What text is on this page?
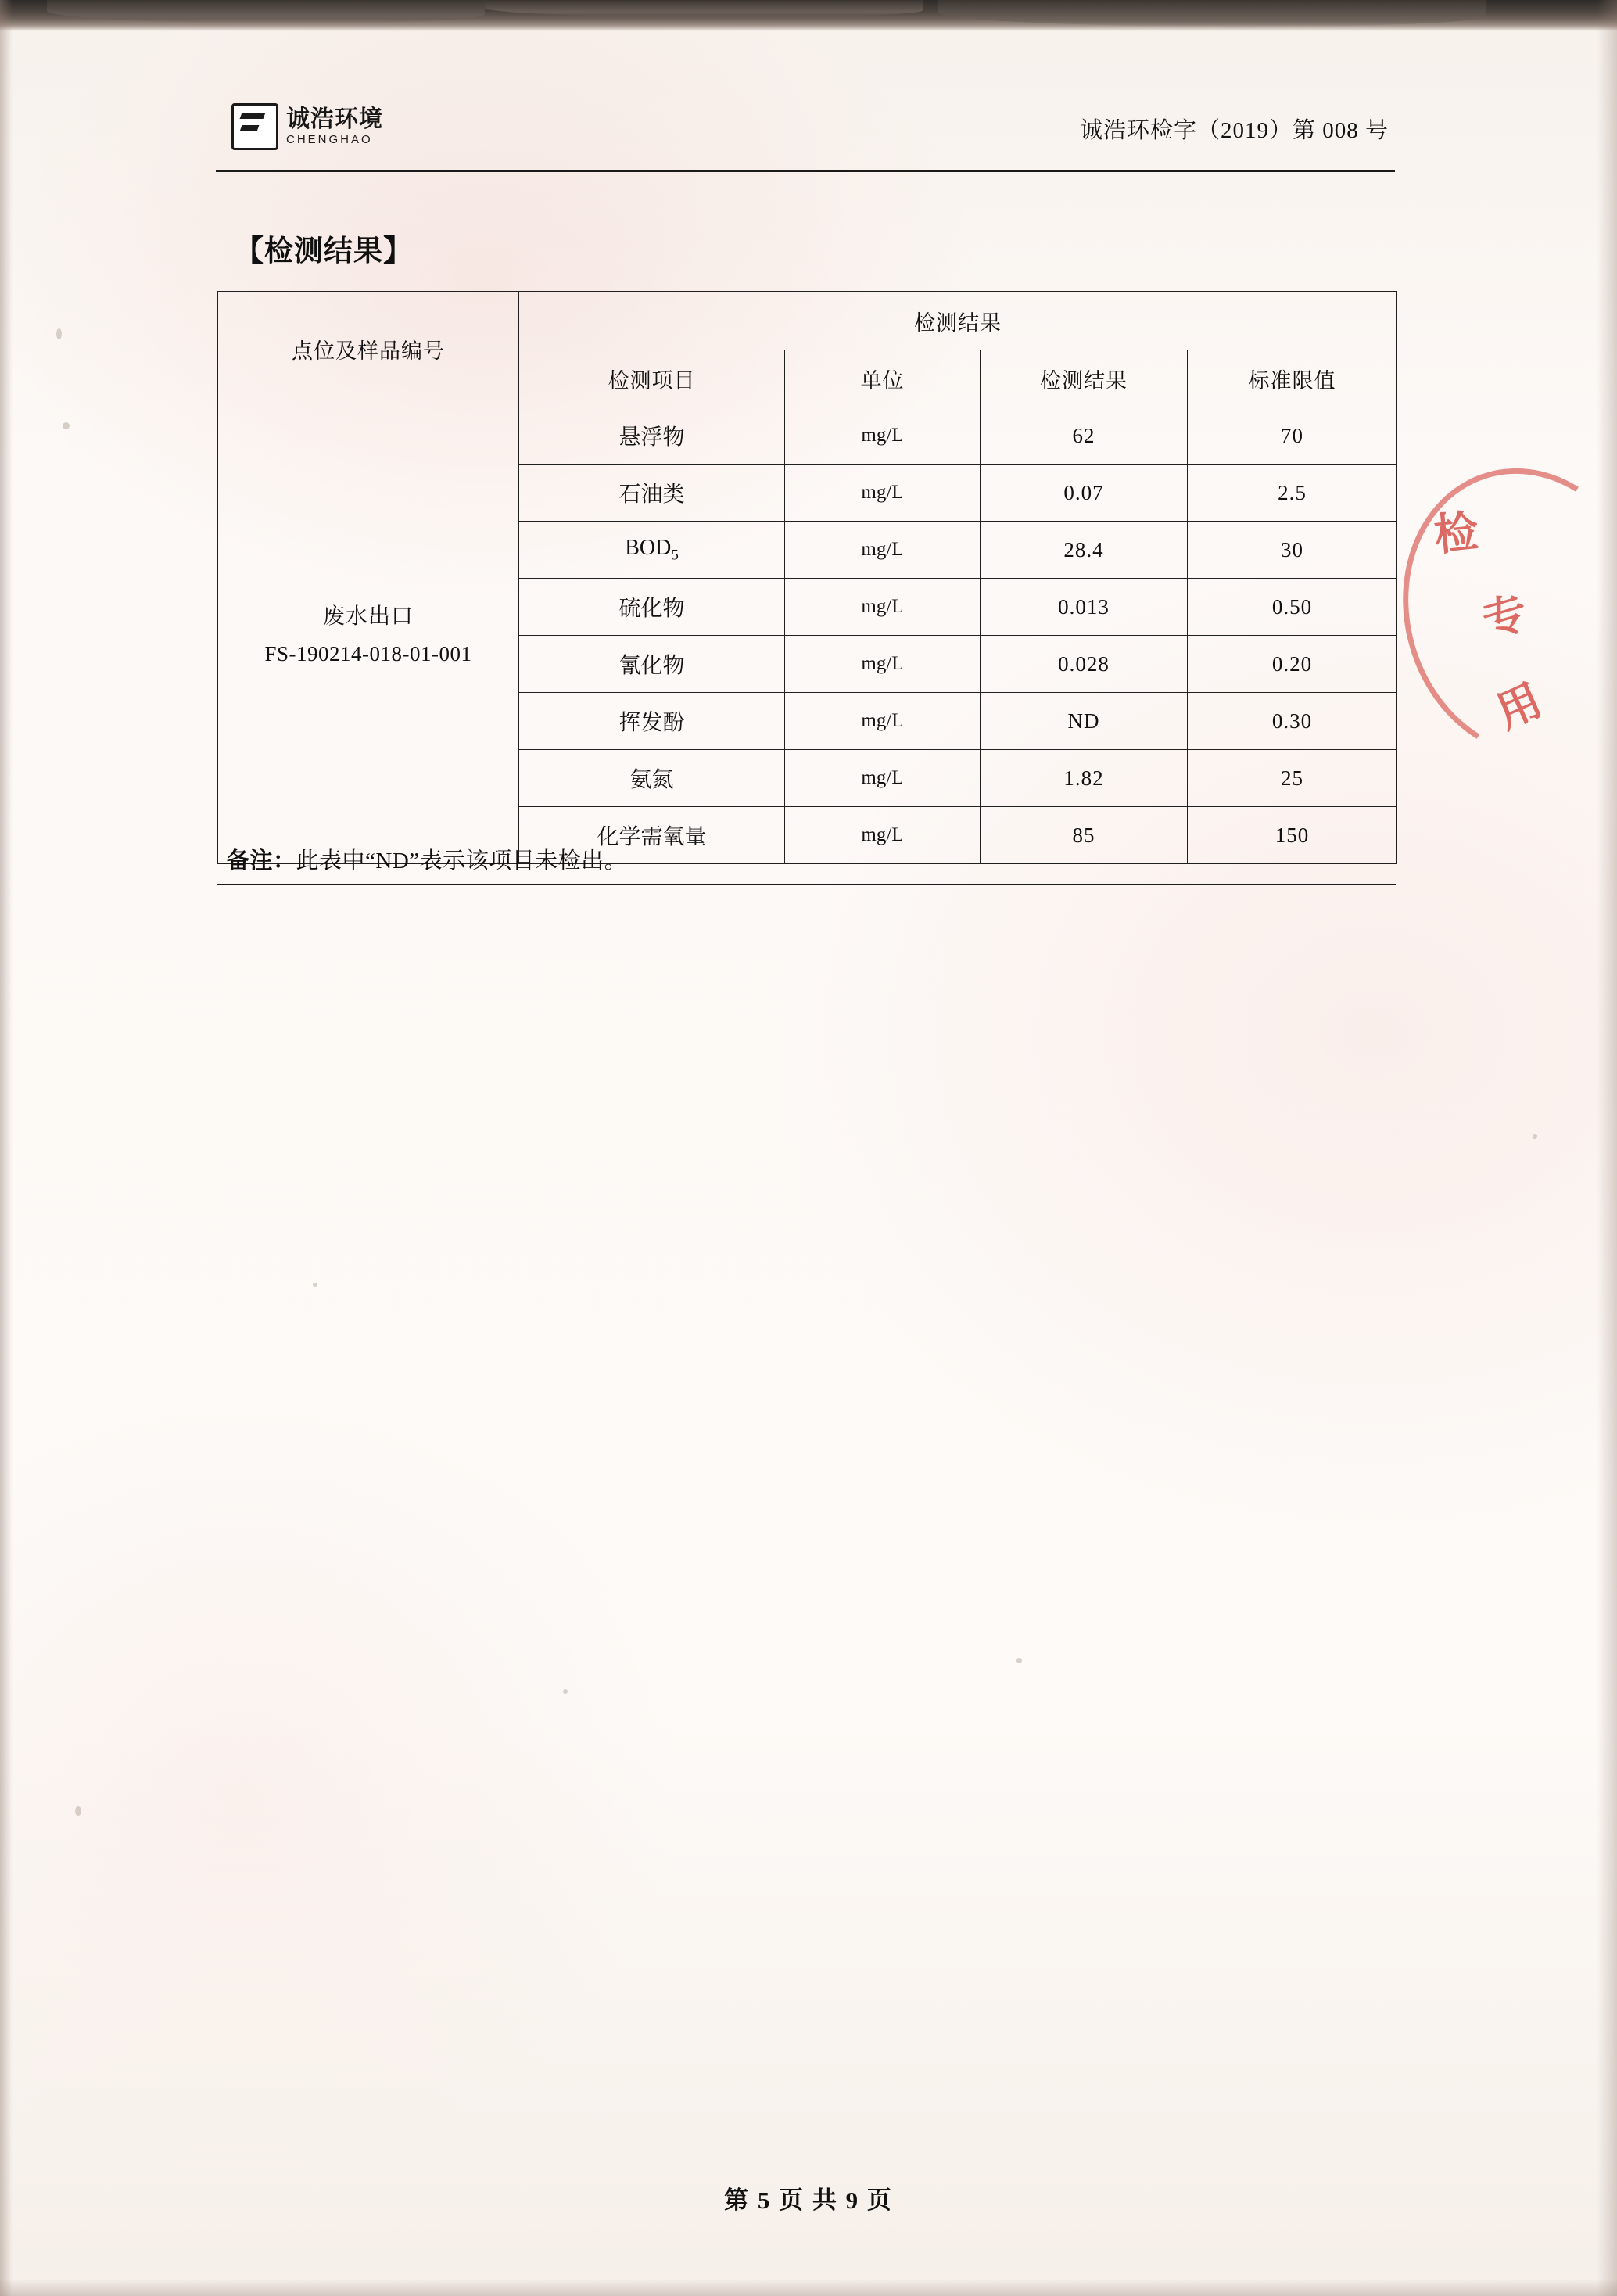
诚浩环境
CHENGHAO	诚浩环检字（2019）第 008 号
【检测结果】
点位及样品编号	检测结果			
	检测项目	单位	检测结果	标准限值

废水出口
FS-190214-018-01-001	悬浮物	mg/L	62	70
	石油类	mg/L	0.07	2.5
	$BOD_5$	mg/L	28.4	30
	硫化物	mg/L	0.013	0.50
	氰化物	mg/L	0.028	0.20
	挥发酚	mg/L	ND	0.30
	氨氮	mg/L	1.82	25
	化学需氧量	mg/L	85	150
备注：此表中“ND”表示该项目未检出。
检
专
用
第 5 页 共 9 页
